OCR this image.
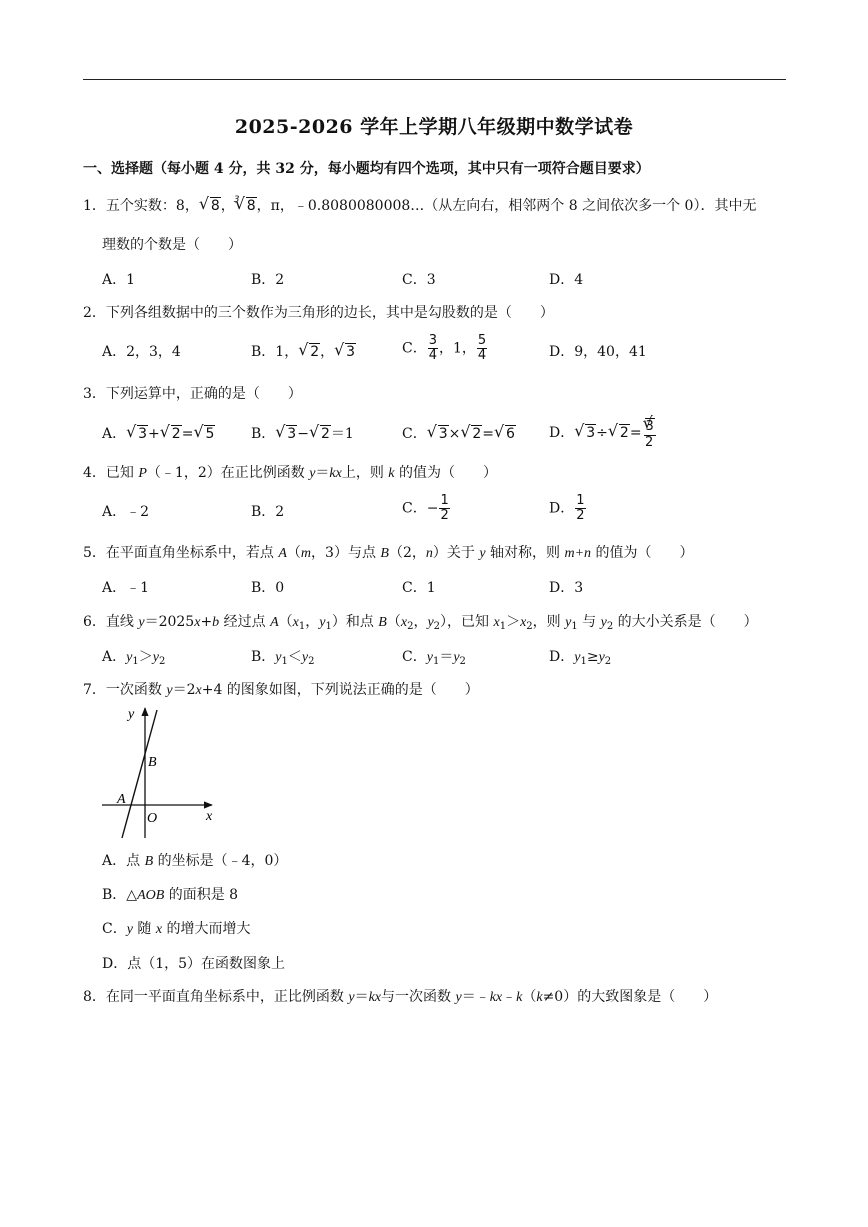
2025-2026 学年上学期八年级期中数学试卷
一、选择题（每小题 4 分，共 32 分，每小题均有四个选项，其中只有一项符合题目要求）
1．五个实数：8， √ 8， √ 3 8，π，﹣0.8080080008…（从左向右，相邻两个 8 之间依次多一个 0）．其中无
理数的个数是（　　）
A．1	B．2	C．3	D．4
2．下列各组数据中的三个数作为三角形的边长，其中是勾股数的是（　　）
A．2，3，4	B．1， √ 2， √ 3	C． $\frac{3}{4}$ ，1， $\frac{5}{4}$	D．9，40，41
3．下列运算中，正确的是（　　）
A． √ 3+ √ 2= √ 5	B． √ 3− √ 2＝1	C． √ 3× √ 2= √ 6 D． √ 3÷ √ 2= √ $\frac{3}{2}$
4．已知 P（﹣1，2）在正比例函数 y＝kx上，则 k 的值为（　　）
A．﹣2	B．2	C．− $\frac{1}{2}$	D． $\frac{1}{2}$
5．在平面直角坐标系中，若点 A（m，3）与点 B（2，n）关于 y 轴对称，则 m+n 的值为（　　）
A．﹣1	B．0	C．1	D．3
6．直线 y＝2025x+b 经过点 $A(x_1$，$y_1$）和点 $B(x_2$，$y_2$），已知 $x_1>x_2$，则 $y_1$ 与 $y_2$ 的大小关系是（　　）
A．$y_1>y_2$	B．$y_1<y_2$	C．$y_1=y_2$	D．$y_1\ge y_2$
7．一次函数 y＝2x+4 的图象如图，下列说法正确的是（　　）
y
x
B
A
O
A．点 B 的坐标是（﹣4，0）
B．△AOB 的面积是 8
C．y 随 x 的增大而增大
D．点（1，5）在函数图象上
8．在同一平面直角坐标系中，正比例函数 y＝kx与一次函数 y＝﹣kx﹣k（k≠0）的大致图象是（　　）
